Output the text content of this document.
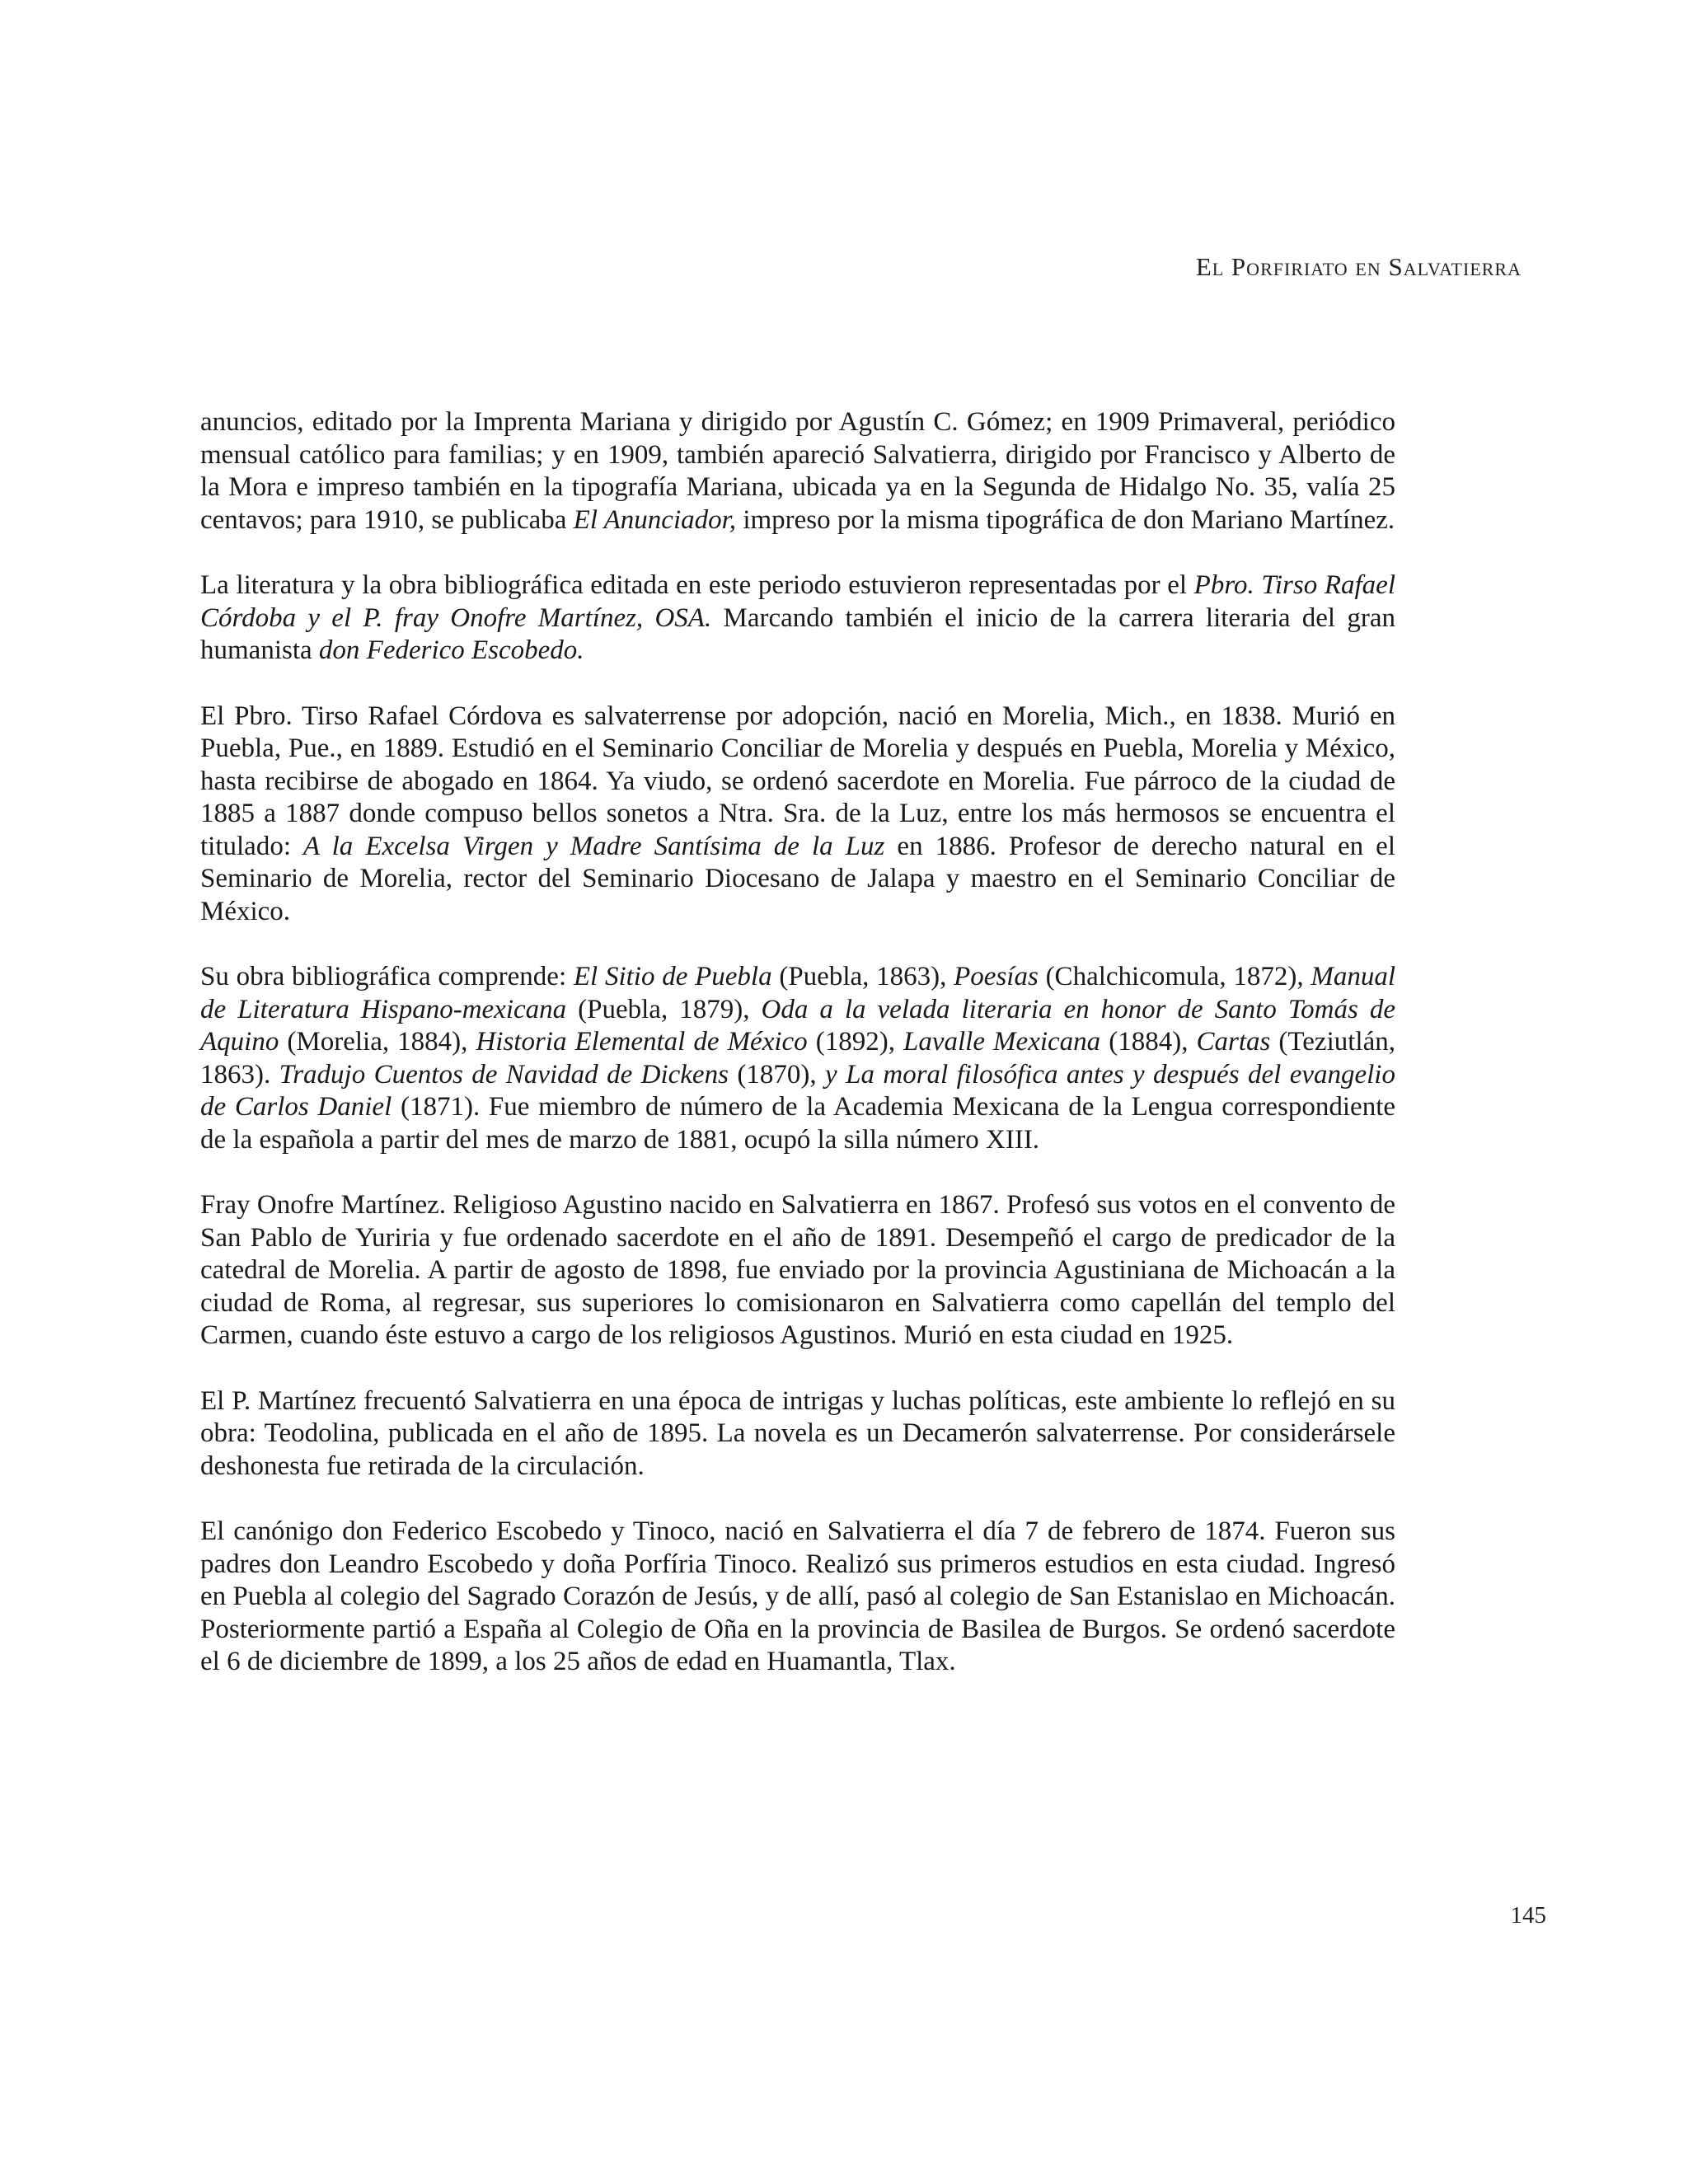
El Porfiriato en Salvatierra

anuncios, editado por la Imprenta Mariana y dirigido por Agustín C. Gómez; en 1909 Primaveral, periódico mensual católico para familias; y en 1909, también apareció Salvatierra, dirigido por Francisco y Alberto de la Mora e impreso también en la tipografía Mariana, ubicada ya en la Segunda de Hidalgo No. 35, valía 25 centavos; para 1910, se publicaba El Anunciador, impreso por la misma tipográfica de don Mariano Martínez.

La literatura y la obra bibliográfica editada en este periodo estuvieron representadas por el Pbro. Tirso Rafael Córdoba y el P. fray Onofre Martínez, OSA. Marcando también el inicio de la carrera literaria del gran humanista don Federico Escobedo.

El Pbro. Tirso Rafael Córdova es salvaterrense por adopción, nació en Morelia, Mich., en 1838. Murió en Puebla, Pue., en 1889. Estudió en el Seminario Conciliar de Morelia y después en Puebla, Morelia y México, hasta recibirse de abogado en 1864. Ya viudo, se ordenó sacerdote en Morelia. Fue párroco de la ciudad de 1885 a 1887 donde compuso bellos sonetos a Ntra. Sra. de la Luz, entre los más hermosos se encuentra el titulado: A la Excelsa Virgen y Madre Santísima de la Luz en 1886. Profesor de derecho natural en el Seminario de Morelia, rector del Seminario Diocesano de Jalapa y maestro en el Seminario Conciliar de México.

Su obra bibliográfica comprende: El Sitio de Puebla (Puebla, 1863), Poesías (Chalchicomula, 1872), Manual de Literatura Hispano-mexicana (Puebla, 1879), Oda a la velada literaria en honor de Santo Tomás de Aquino (Morelia, 1884), Historia Elemental de México (1892), Lavalle Mexicana (1884), Cartas (Teziutlán, 1863). Tradujo Cuentos de Navidad de Dickens (1870), y La moral filosófica antes y después del evangelio de Carlos Daniel (1871). Fue miembro de número de la Academia Mexicana de la Lengua correspondiente de la española a partir del mes de marzo de 1881, ocupó la silla número XIII.

Fray Onofre Martínez. Religioso Agustino nacido en Salvatierra en 1867. Profesó sus votos en el convento de San Pablo de Yuriria y fue ordenado sacerdote en el año de 1891. Desempeñó el cargo de predicador de la catedral de Morelia. A partir de agosto de 1898, fue enviado por la provincia Agustiniana de Michoacán a la ciudad de Roma, al regresar, sus superiores lo comisionaron en Salvatierra como capellán del templo del Carmen, cuando éste estuvo a cargo de los religiosos Agustinos. Murió en esta ciudad en 1925.

El P. Martínez frecuentó Salvatierra en una época de intrigas y luchas políticas, este ambiente lo reflejó en su obra: Teodolina, publicada en el año de 1895. La novela es un Decamerón salvaterrense. Por considerársele deshonesta fue retirada de la circulación.

El canónigo don Federico Escobedo y Tinoco, nació en Salvatierra el día 7 de febrero de 1874. Fueron sus padres don Leandro Escobedo y doña Porfíria Tinoco. Realizó sus primeros estudios en esta ciudad. Ingresó en Puebla al colegio del Sagrado Corazón de Jesús, y de allí, pasó al colegio de San Estanislao en Michoacán. Posteriormente partió a España al Colegio de Oña en la provincia de Basilea de Burgos. Se ordenó sacerdote el 6 de diciembre de 1899, a los 25 años de edad en Huamantla, Tlax.

145
